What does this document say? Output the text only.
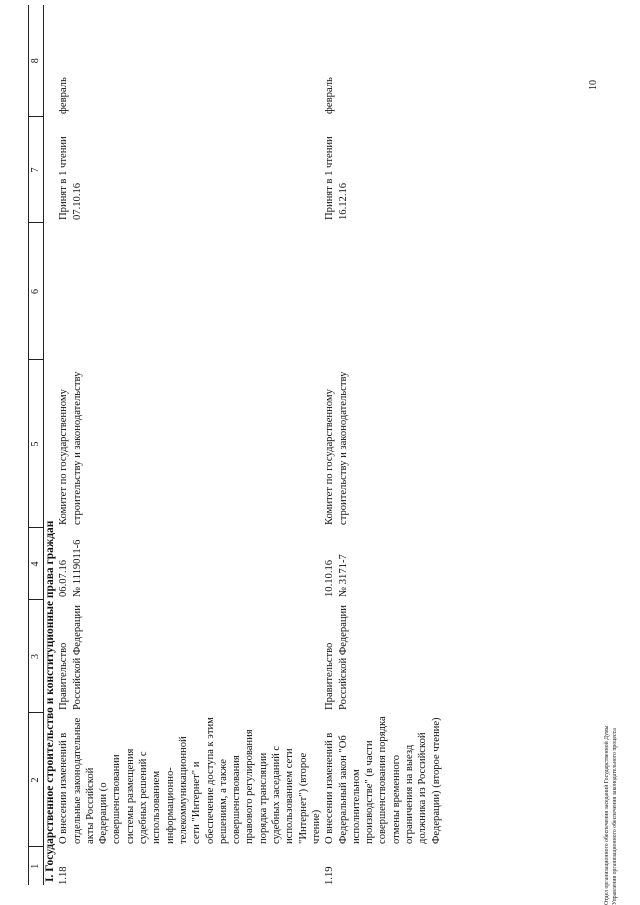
1	2	3	4	5	6	7	8
I. Государственное строительство и конституционные права граждан							
1.18	О внесении изменений в отдельные законодательные акты Российской Федерации (о совершенствовании системы размещения судебных решений с использованием информационно-телекоммуникационной сети "Интернет" и обеспечение доступа к этим решениям, а также совершенствования правового регулирования порядка трансляции судебных заседаний с использованием сети "Интернет") (второе чтение)	Правительство Российской Федерации	06.07.16
№ 1119011-6	Комитет по государственному строительству и законодательству		Принят в 1 чтении 07.10.16	февраль
1.19	О внесении изменений в Федеральный закон "Об исполнительном производстве" (в части совершенствования порядка отмены временного ограничения на выезд должника из Российской Федерации) (второе чтение)	Правительство Российской Федерации	10.10.16
№ 3171-7	Комитет по государственному строительству и законодательству		Принят в 1 чтении 16.12.16	февраль	10
Отдел организационного обеспечения заседаний Государственной Думы Управления организационного обеспечения законодательного процесса
